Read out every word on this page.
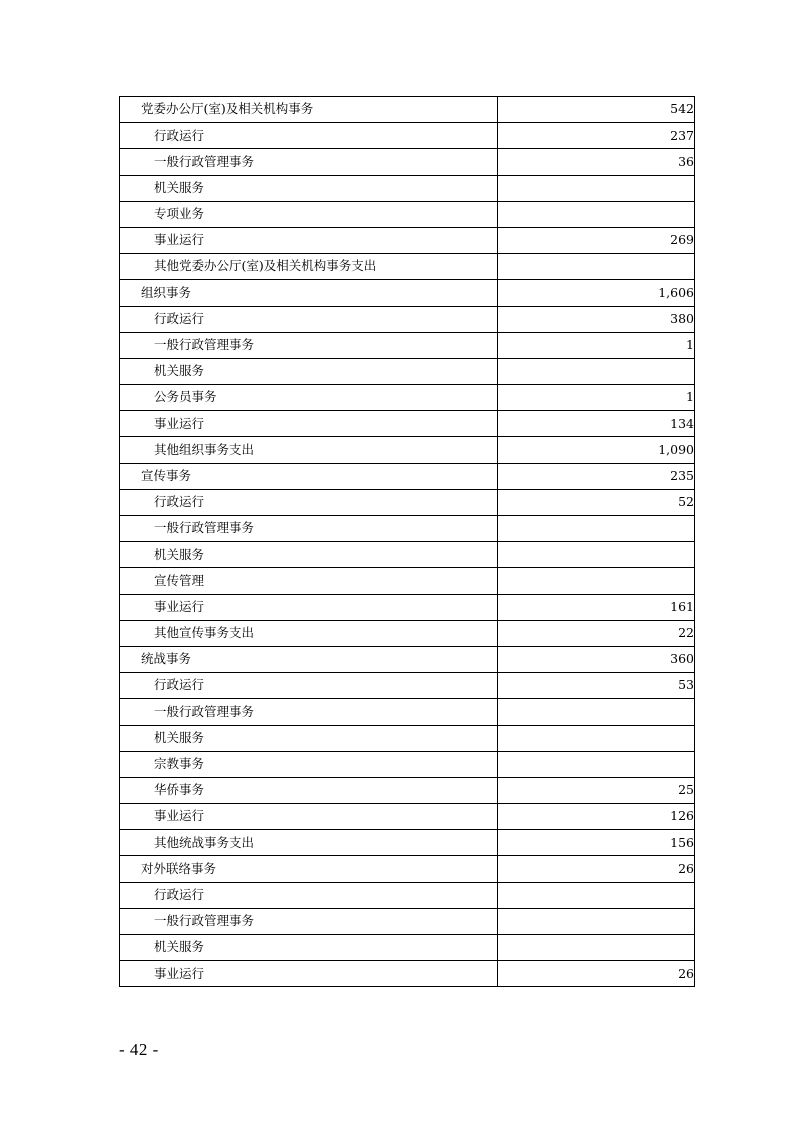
党委办公厅(室)及相关机构事务	542
行政运行	237
一般行政管理事务	36
机关服务	
专项业务	
事业运行	269
其他党委办公厅(室)及相关机构事务支出	
组织事务	1,606
行政运行	380
一般行政管理事务	1
机关服务	
公务员事务	1
事业运行	134
其他组织事务支出	1,090
宣传事务	235
行政运行	52
一般行政管理事务	
机关服务	
宣传管理	
事业运行	161
其他宣传事务支出	22
统战事务	360
行政运行	53
一般行政管理事务	
机关服务	
宗教事务	
华侨事务	25
事业运行	126
其他统战事务支出	156
对外联络事务	26
行政运行	
一般行政管理事务	
机关服务	
事业运行	26
- 42 -
